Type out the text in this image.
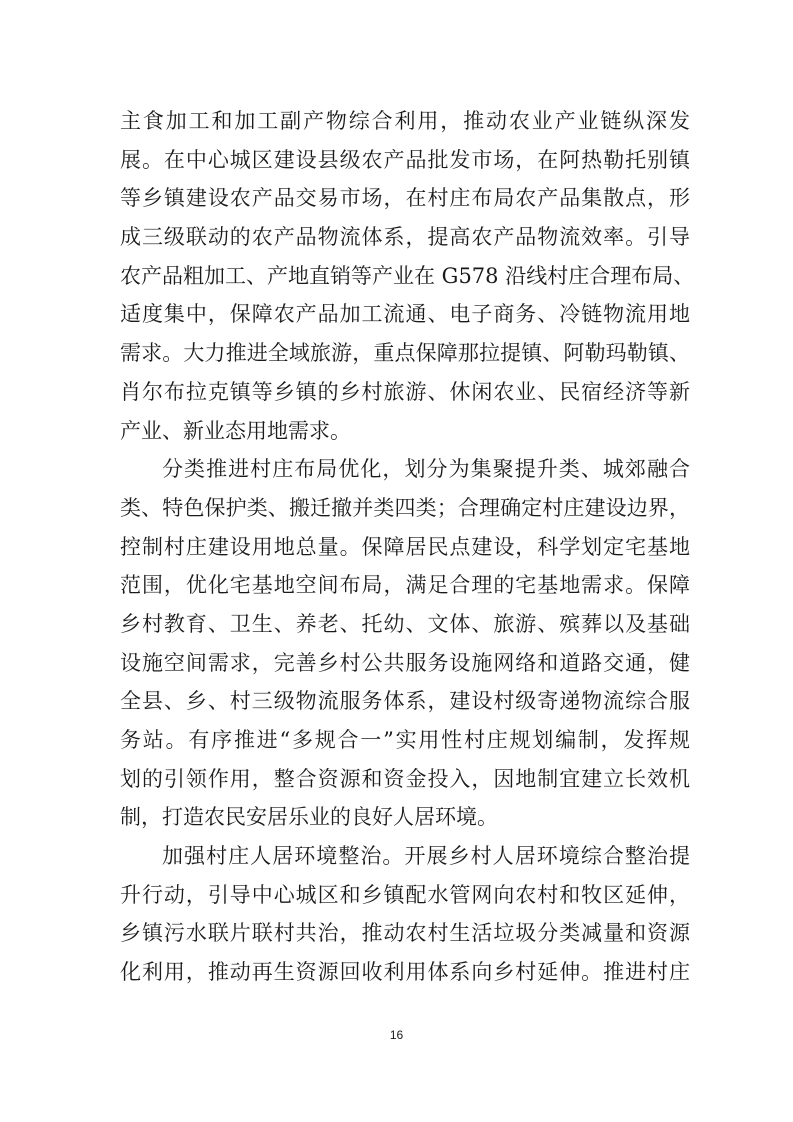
主食加工和加工副产物综合利用，推动农业产业链纵深发
展。在中心城区建设县级农产品批发市场，在阿热勒托别镇
等乡镇建设农产品交易市场，在村庄布局农产品集散点，形
成三级联动的农产品物流体系，提高农产品物流效率。引导
农产品粗加工、产地直销等产业在 G578 沿线村庄合理布局、
适度集中，保障农产品加工流通、电子商务、冷链物流用地
需求。大力推进全域旅游，重点保障那拉提镇、阿勒玛勒镇、
肖尔布拉克镇等乡镇的乡村旅游、休闲农业、民宿经济等新
产业、新业态用地需求。
分类推进村庄布局优化，划分为集聚提升类、城郊融合
类、特色保护类、搬迁撤并类四类；合理确定村庄建设边界，
控制村庄建设用地总量。保障居民点建设，科学划定宅基地
范围，优化宅基地空间布局，满足合理的宅基地需求。保障
乡村教育、卫生、养老、托幼、文体、旅游、殡葬以及基础
设施空间需求，完善乡村公共服务设施网络和道路交通，健
全县、乡、村三级物流服务体系，建设村级寄递物流综合服
务站。有序推进“多规合一”实用性村庄规划编制，发挥规
划的引领作用，整合资源和资金投入，因地制宜建立长效机
制，打造农民安居乐业的良好人居环境。
加强村庄人居环境整治。开展乡村人居环境综合整治提
升行动，引导中心城区和乡镇配水管网向农村和牧区延伸，
乡镇污水联片联村共治，推动农村生活垃圾分类减量和资源
化利用，推动再生资源回收利用体系向乡村延伸。推进村庄
16
